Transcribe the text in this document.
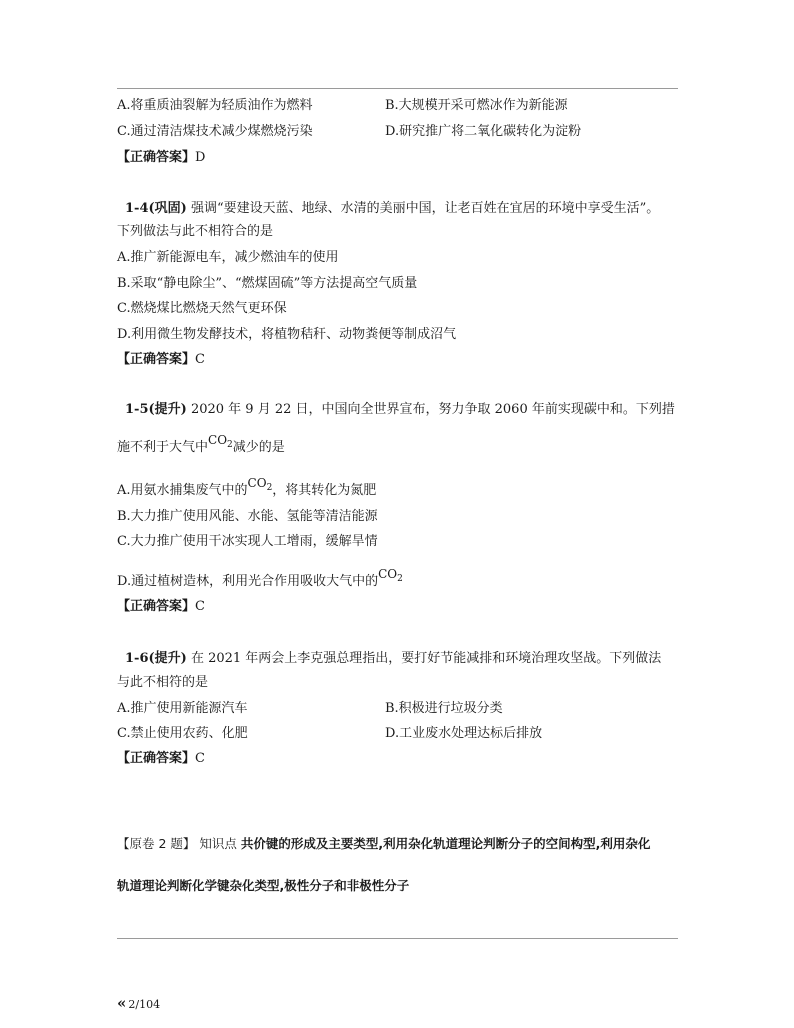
A.将重质油裂解为轻质油作为燃料	B.大规模开采可燃冰作为新能源
C.通过清洁煤技术减少煤燃烧污染	D.研究推广将二氧化碳转化为淀粉
【正确答案】D
1-4(巩固) 强调“要建设天蓝、地绿、水清的美丽中国，让老百姓在宜居的环境中享受生活”。
下列做法与此不相符合的是
A.推广新能源电车，减少燃油车的使用
B.采取“静电除尘”、“燃煤固硫”等方法提高空气质量
C.燃烧煤比燃烧天然气更环保
D.利用微生物发酵技术，将植物秸秆、动物粪便等制成沼气
【正确答案】C
1-5(提升) 2020 年 9 月 22 日，中国向全世界宣布，努力争取 2060 年前实现碳中和。下列措
施不利于大气中$CO_2$减少的是
A.用氨水捕集废气中的$CO_2$，将其转化为氮肥
B.大力推广使用风能、水能、氢能等清洁能源
C.大力推广使用干冰实现人工增雨，缓解旱情
D.通过植树造林，利用光合作用吸收大气中的$CO_2$
【正确答案】C
1-6(提升) 在 2021 年两会上李克强总理指出，要打好节能减排和环境治理攻坚战。下列做法
与此不相符的是
A.推广使用新能源汽车	B.积极进行垃圾分类
C.禁止使用农药、化肥	D.工业废水处理达标后排放
【正确答案】C
【原卷 2 题】 知识点 共价键的形成及主要类型,利用杂化轨道理论判断分子的空间构型,利用杂化
轨道理论判断化学键杂化类型,极性分子和非极性分子
« 2/104
